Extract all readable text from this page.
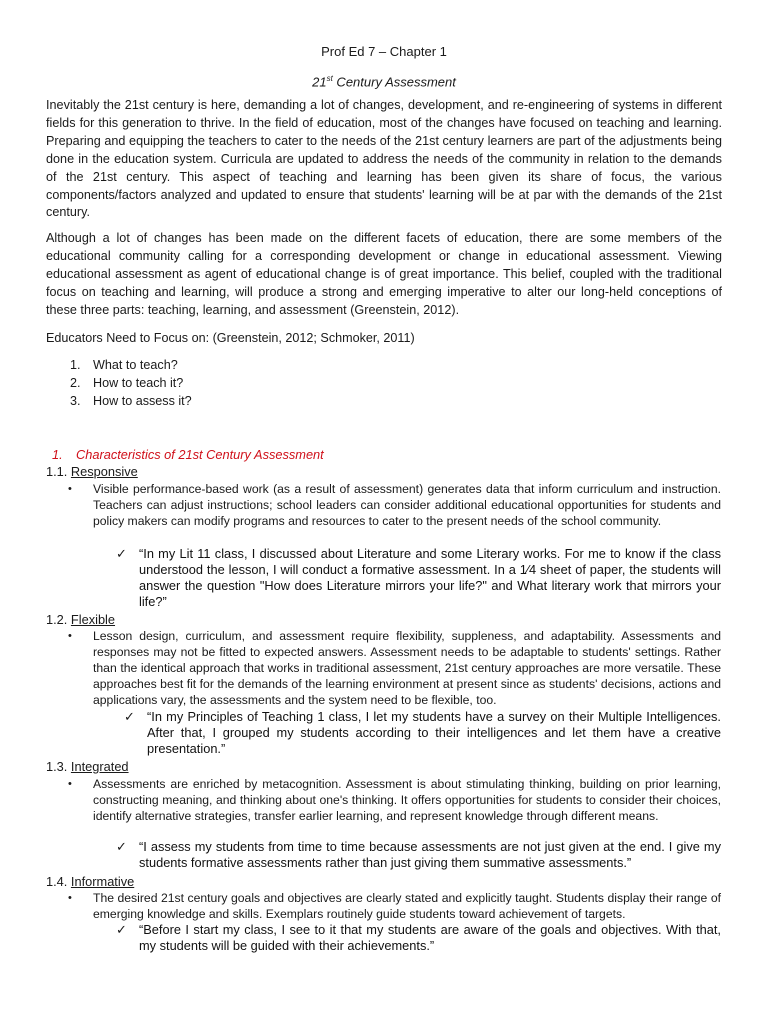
Prof Ed 7 – Chapter 1
21st Century Assessment

Inevitably the 21st century is here, demanding a lot of changes, development, and re-engineering of systems in different fields for this generation to thrive. In the field of education, most of the changes have focused on teaching and learning. Preparing and equipping the teachers to cater to the needs of the 21st century learners are part of the adjustments being done in the education system. Curricula are updated to address the needs of the community in relation to the demands of the 21st century. This aspect of teaching and learning has been given its share of focus, the various components/factors analyzed and updated to ensure that students' learning will be at par with the demands of the 21st century.

Although a lot of changes has been made on the different facets of education, there are some members of the educational community calling for a corresponding development or change in educational assessment. Viewing educational assessment as agent of educational change is of great importance. This belief, coupled with the traditional focus on teaching and learning, will produce a strong and emerging imperative to alter our long-held conceptions of these three parts: teaching, learning, and assessment (Greenstein, 2012).

Educators Need to Focus on: (Greenstein, 2012; Schmoker, 2011)
1. What to teach?
2. How to teach it?
3. How to assess it?
1. Characteristics of 21st Century Assessment
1.1. Responsive
•	Visible performance-based work (as a result of assessment) generates data that inform curriculum and instruction. Teachers can adjust instructions; school leaders can consider additional educational opportunities for students and policy makers can modify programs and resources to cater to the present needs of the school community.

✓ “In my Lit 11 class, I discussed about Literature and some Literary works. For me to know if the class understood the lesson, I will conduct a formative assessment. In a 1⁄4 sheet of paper, the students will answer the question "How does Literature mirrors your life?" and What literary work that mirrors your life?”

1.2. Flexible
•	Lesson design, curriculum, and assessment require flexibility, suppleness, and adaptability. Assessments and responses may not be fitted to expected answers. Assessment needs to be adaptable to students' settings. Rather than the identical approach that works in traditional assessment, 21st century approaches are more versatile. These approaches best fit for the demands of the learning environment at present since as students' decisions, actions and applications vary, the assessments and the system need to be flexible, too.

✓ “In my Principles of Teaching 1 class, I let my students have a survey on their Multiple Intelligences. After that, I grouped my students according to their intelligences and let them have a creative presentation.”

1.3. Integrated
•	Assessments are enriched by metacognition. Assessment is about stimulating thinking, building on prior learning, constructing meaning, and thinking about one's thinking. It offers opportunities for students to consider their choices, identify alternative strategies, transfer earlier learning, and represent knowledge through different means.

✓ “I assess my students from time to time because assessments are not just given at the end. I give my students formative assessments rather than just giving them summative assessments.”

1.4. Informative
•	The desired 21st century goals and objectives are clearly stated and explicitly taught. Students display their range of emerging knowledge and skills. Exemplars routinely guide students toward achievement of targets.

✓ “Before I start my class, I see to it that my students are aware of the goals and objectives. With that, my students will be guided with their achievements.”
